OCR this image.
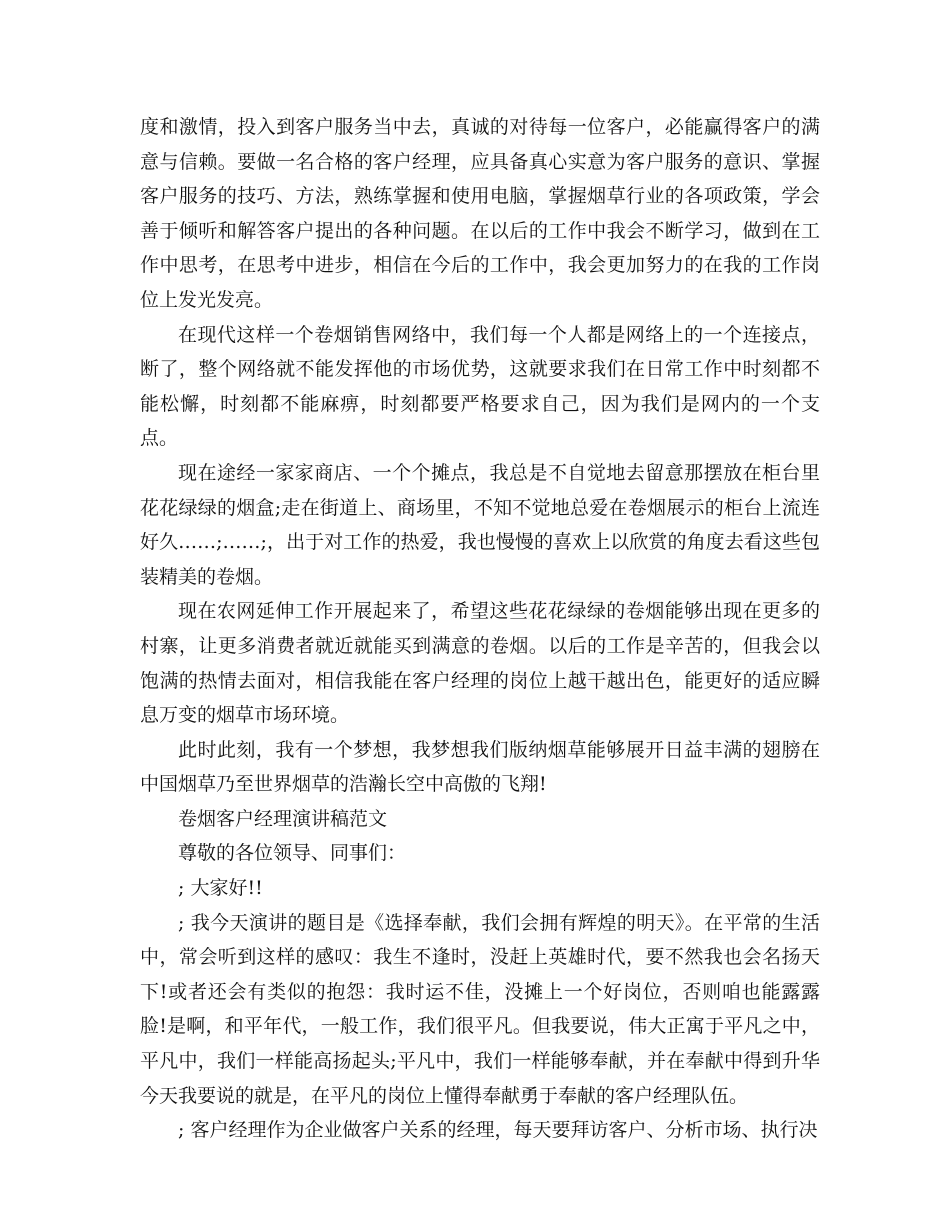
度和激情，投入到客户服务当中去，真诚的对待每一位客户，必能赢得客户的满意与信赖。要做一名合格的客户经理，应具备真心实意为客户服务的意识、掌握客户服务的技巧、方法，熟练掌握和使用电脑，掌握烟草行业的各项政策，学会善于倾听和解答客户提出的各种问题。在以后的工作中我会不断学习，做到在工作中思考，在思考中进步，相信在今后的工作中，我会更加努力的在我的工作岗位上发光发亮。

在现代这样一个卷烟销售网络中，我们每一个人都是网络上的一个连接点，断了，整个网络就不能发挥他的市场优势，这就要求我们在日常工作中时刻都不能松懈，时刻都不能麻痹，时刻都要严格要求自己，因为我们是网内的一个支点。

现在途经一家家商店、一个个摊点，我总是不自觉地去留意那摆放在柜台里花花绿绿的烟盒;走在街道上、商场里，不知不觉地总爱在卷烟展示的柜台上流连好久……;……;，出于对工作的热爱，我也慢慢的喜欢上以欣赏的角度去看这些包装精美的卷烟。

现在农网延伸工作开展起来了，希望这些花花绿绿的卷烟能够出现在更多的村寨，让更多消费者就近就能买到满意的卷烟。以后的工作是辛苦的，但我会以饱满的热情去面对，相信我能在客户经理的岗位上越干越出色，能更好的适应瞬息万变的烟草市场环境。

此时此刻，我有一个梦想，我梦想我们版纳烟草能够展开日益丰满的翅膀在中国烟草乃至世界烟草的浩瀚长空中高傲的飞翔!

卷烟客户经理演讲稿范文

尊敬的各位领导、同事们：

; 大家好!!

; 我今天演讲的题目是《选择奉献，我们会拥有辉煌的明天》。在平常的生活中，常会听到这样的感叹：我生不逢时，没赶上英雄时代，要不然我也会名扬天下!或者还会有类似的抱怨：我时运不佳，没摊上一个好岗位，否则咱也能露露脸!是啊，和平年代，一般工作，我们很平凡。但我要说，伟大正寓于平凡之中，平凡中，我们一样能高扬起头;平凡中，我们一样能够奉献，并在奉献中得到升华今天我要说的就是，在平凡的岗位上懂得奉献勇于奉献的客户经理队伍。

; 客户经理作为企业做客户关系的经理，每天要拜访客户、分析市场、执行决
